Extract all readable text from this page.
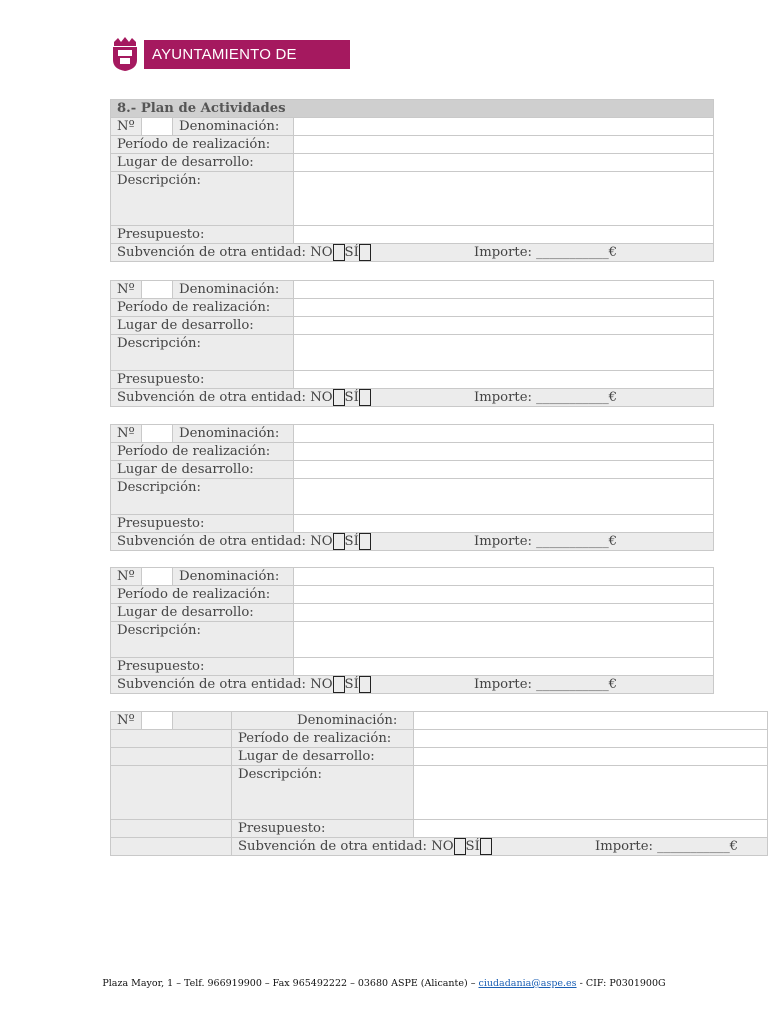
AYUNTAMIENTO DE ASPE
8.- Plan de Actividades			
Nº		Denominación:	
Período de realización:			
Lugar de desarrollo:			
Descripción:			
Presupuesto:			
Subvención de otra entidad: NO SÍ Importe: ___________€			
Nº		Denominación:	
Período de realización:			
Lugar de desarrollo:			
Descripción:			
Presupuesto:			
Subvención de otra entidad: NO SÍ Importe: ___________€			
Nº		Denominación:	
Período de realización:			
Lugar de desarrollo:			
Descripción:			
Presupuesto:			
Subvención de otra entidad: NO SÍ Importe: ___________€			
Nº		Denominación:	
Período de realización:			
Lugar de desarrollo:			
Descripción:			
Presupuesto:			
Subvención de otra entidad: NO SÍ Importe: ___________€			
Nº			Denominación:	
			Período de realización:	
			Lugar de desarrollo:	
			Descripción:	
			Presupuesto:	
			Subvención de otra entidad: NO SÍ Importe: ___________€	
Plaza Mayor, 1 – Telf. 966919900 – Fax 965492222 – 03680 ASPE (Alicante) – ciudadania@aspe.es - CIF: P0301900G
